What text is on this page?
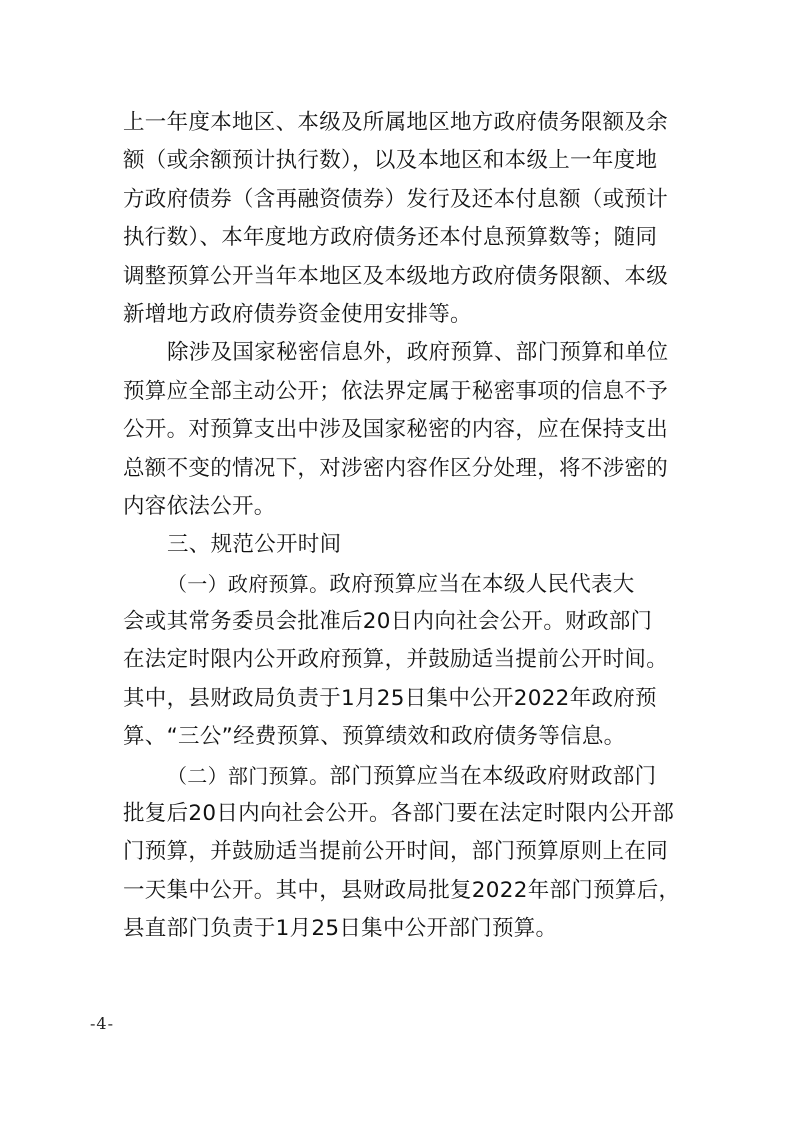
上一年度本地区、本级及所属地区地方政府债务限额及余
额（或余额预计执行数），以及本地区和本级上一年度地
方政府债券（含再融资债券）发行及还本付息额（或预计
执行数）、本年度地方政府债务还本付息预算数等；随同
调整预算公开当年本地区及本级地方政府债务限额、本级
新增地方政府债券资金使用安排等。
除涉及国家秘密信息外，政府预算、部门预算和单位
预算应全部主动公开；依法界定属于秘密事项的信息不予
公开。对预算支出中涉及国家秘密的内容，应在保持支出
总额不变的情况下，对涉密内容作区分处理，将不涉密的
内容依法公开。
三、规范公开时间
（一）政府预算。政府预算应当在本级人民代表大
会或其常务委员会批准后20日内向社会公开。财政部门
在法定时限内公开政府预算，并鼓励适当提前公开时间。
其中，县财政局负责于1月25日集中公开2022年政府预
算、“三公”经费预算、预算绩效和政府债务等信息。
（二）部门预算。部门预算应当在本级政府财政部门
批复后20日内向社会公开。各部门要在法定时限内公开部
门预算，并鼓励适当提前公开时间，部门预算原则上在同
一天集中公开。其中，县财政局批复2022年部门预算后，
县直部门负责于1月25日集中公开部门预算。
-4-
